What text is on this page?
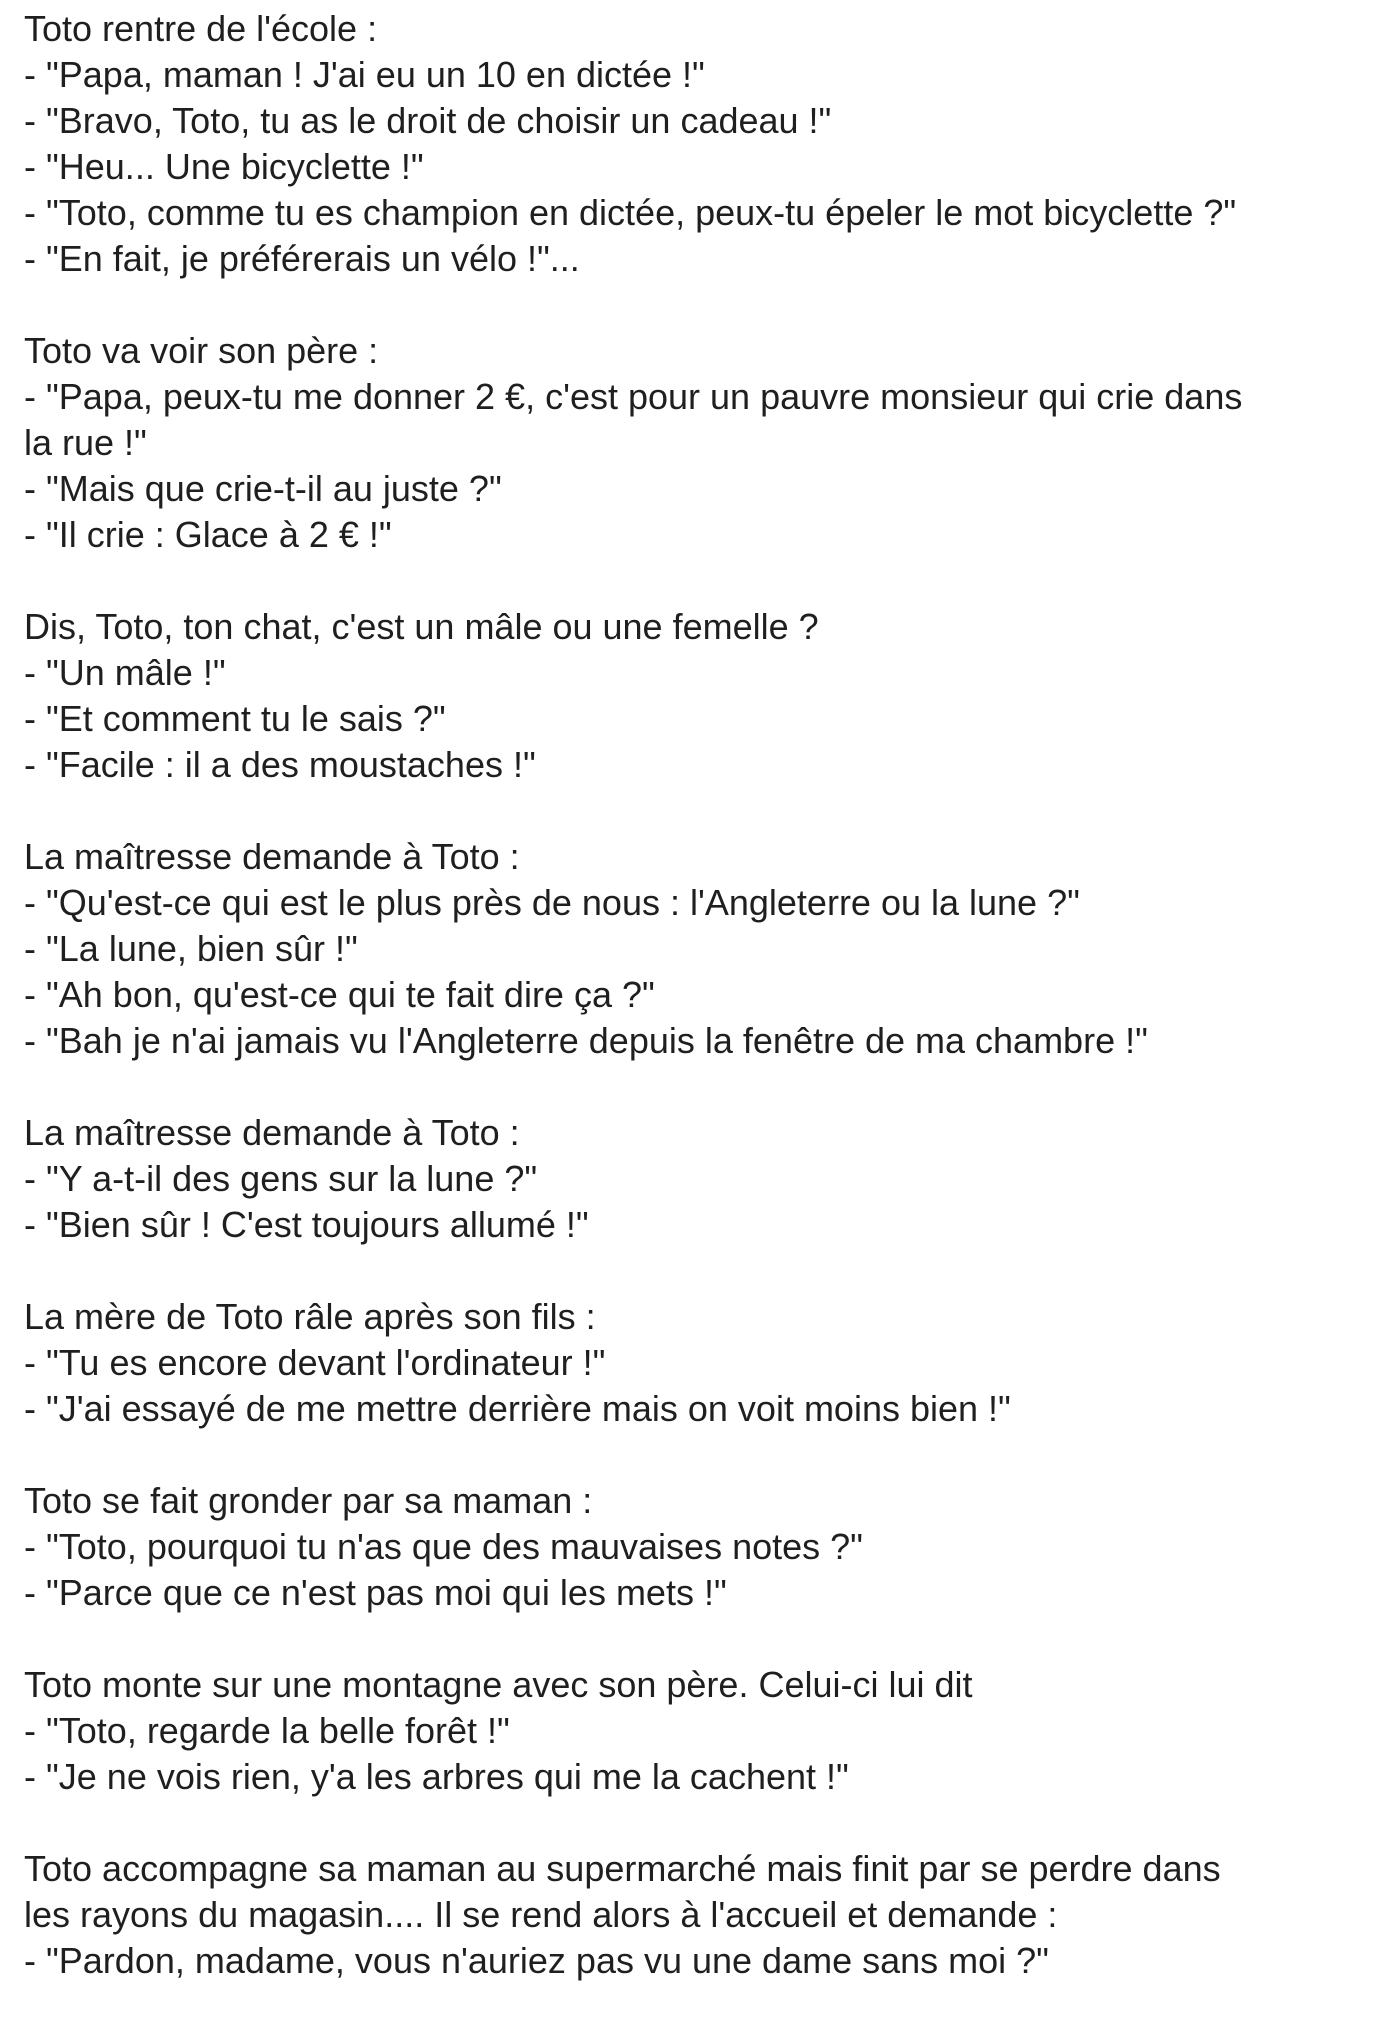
Toto rentre de l'école :
- "Papa, maman ! J'ai eu un 10 en dictée !"
- "Bravo, Toto, tu as le droit de choisir un cadeau !"
- "Heu... Une bicyclette !"
- "Toto, comme tu es champion en dictée, peux-tu épeler le mot bicyclette ?"
- "En fait, je préférerais un vélo !"...
Toto va voir son père :
- "Papa, peux-tu me donner 2 €, c'est pour un pauvre monsieur qui crie dans
la rue !"
- "Mais que crie-t-il au juste ?"
- "Il crie : Glace à 2 € !"
Dis, Toto, ton chat, c'est un mâle ou une femelle ?
- "Un mâle !"
- "Et comment tu le sais ?"
- "Facile : il a des moustaches !"
La maîtresse demande à Toto :
- "Qu'est-ce qui est le plus près de nous : l'Angleterre ou la lune ?"
- "La lune, bien sûr !"
- "Ah bon, qu'est-ce qui te fait dire ça ?"
- "Bah je n'ai jamais vu l'Angleterre depuis la fenêtre de ma chambre !"
La maîtresse demande à Toto :
- "Y a-t-il des gens sur la lune ?"
- "Bien sûr ! C'est toujours allumé !"
La mère de Toto râle après son fils :
- "Tu es encore devant l'ordinateur !"
- "J'ai essayé de me mettre derrière mais on voit moins bien !"
Toto se fait gronder par sa maman :
- "Toto, pourquoi tu n'as que des mauvaises notes ?"
- "Parce que ce n'est pas moi qui les mets !"
Toto monte sur une montagne avec son père. Celui-ci lui dit
- "Toto, regarde la belle forêt !"
- "Je ne vois rien, y'a les arbres qui me la cachent !"
Toto accompagne sa maman au supermarché mais finit par se perdre dans
les rayons du magasin.... Il se rend alors à l'accueil et demande :
- "Pardon, madame, vous n'auriez pas vu une dame sans moi ?"
